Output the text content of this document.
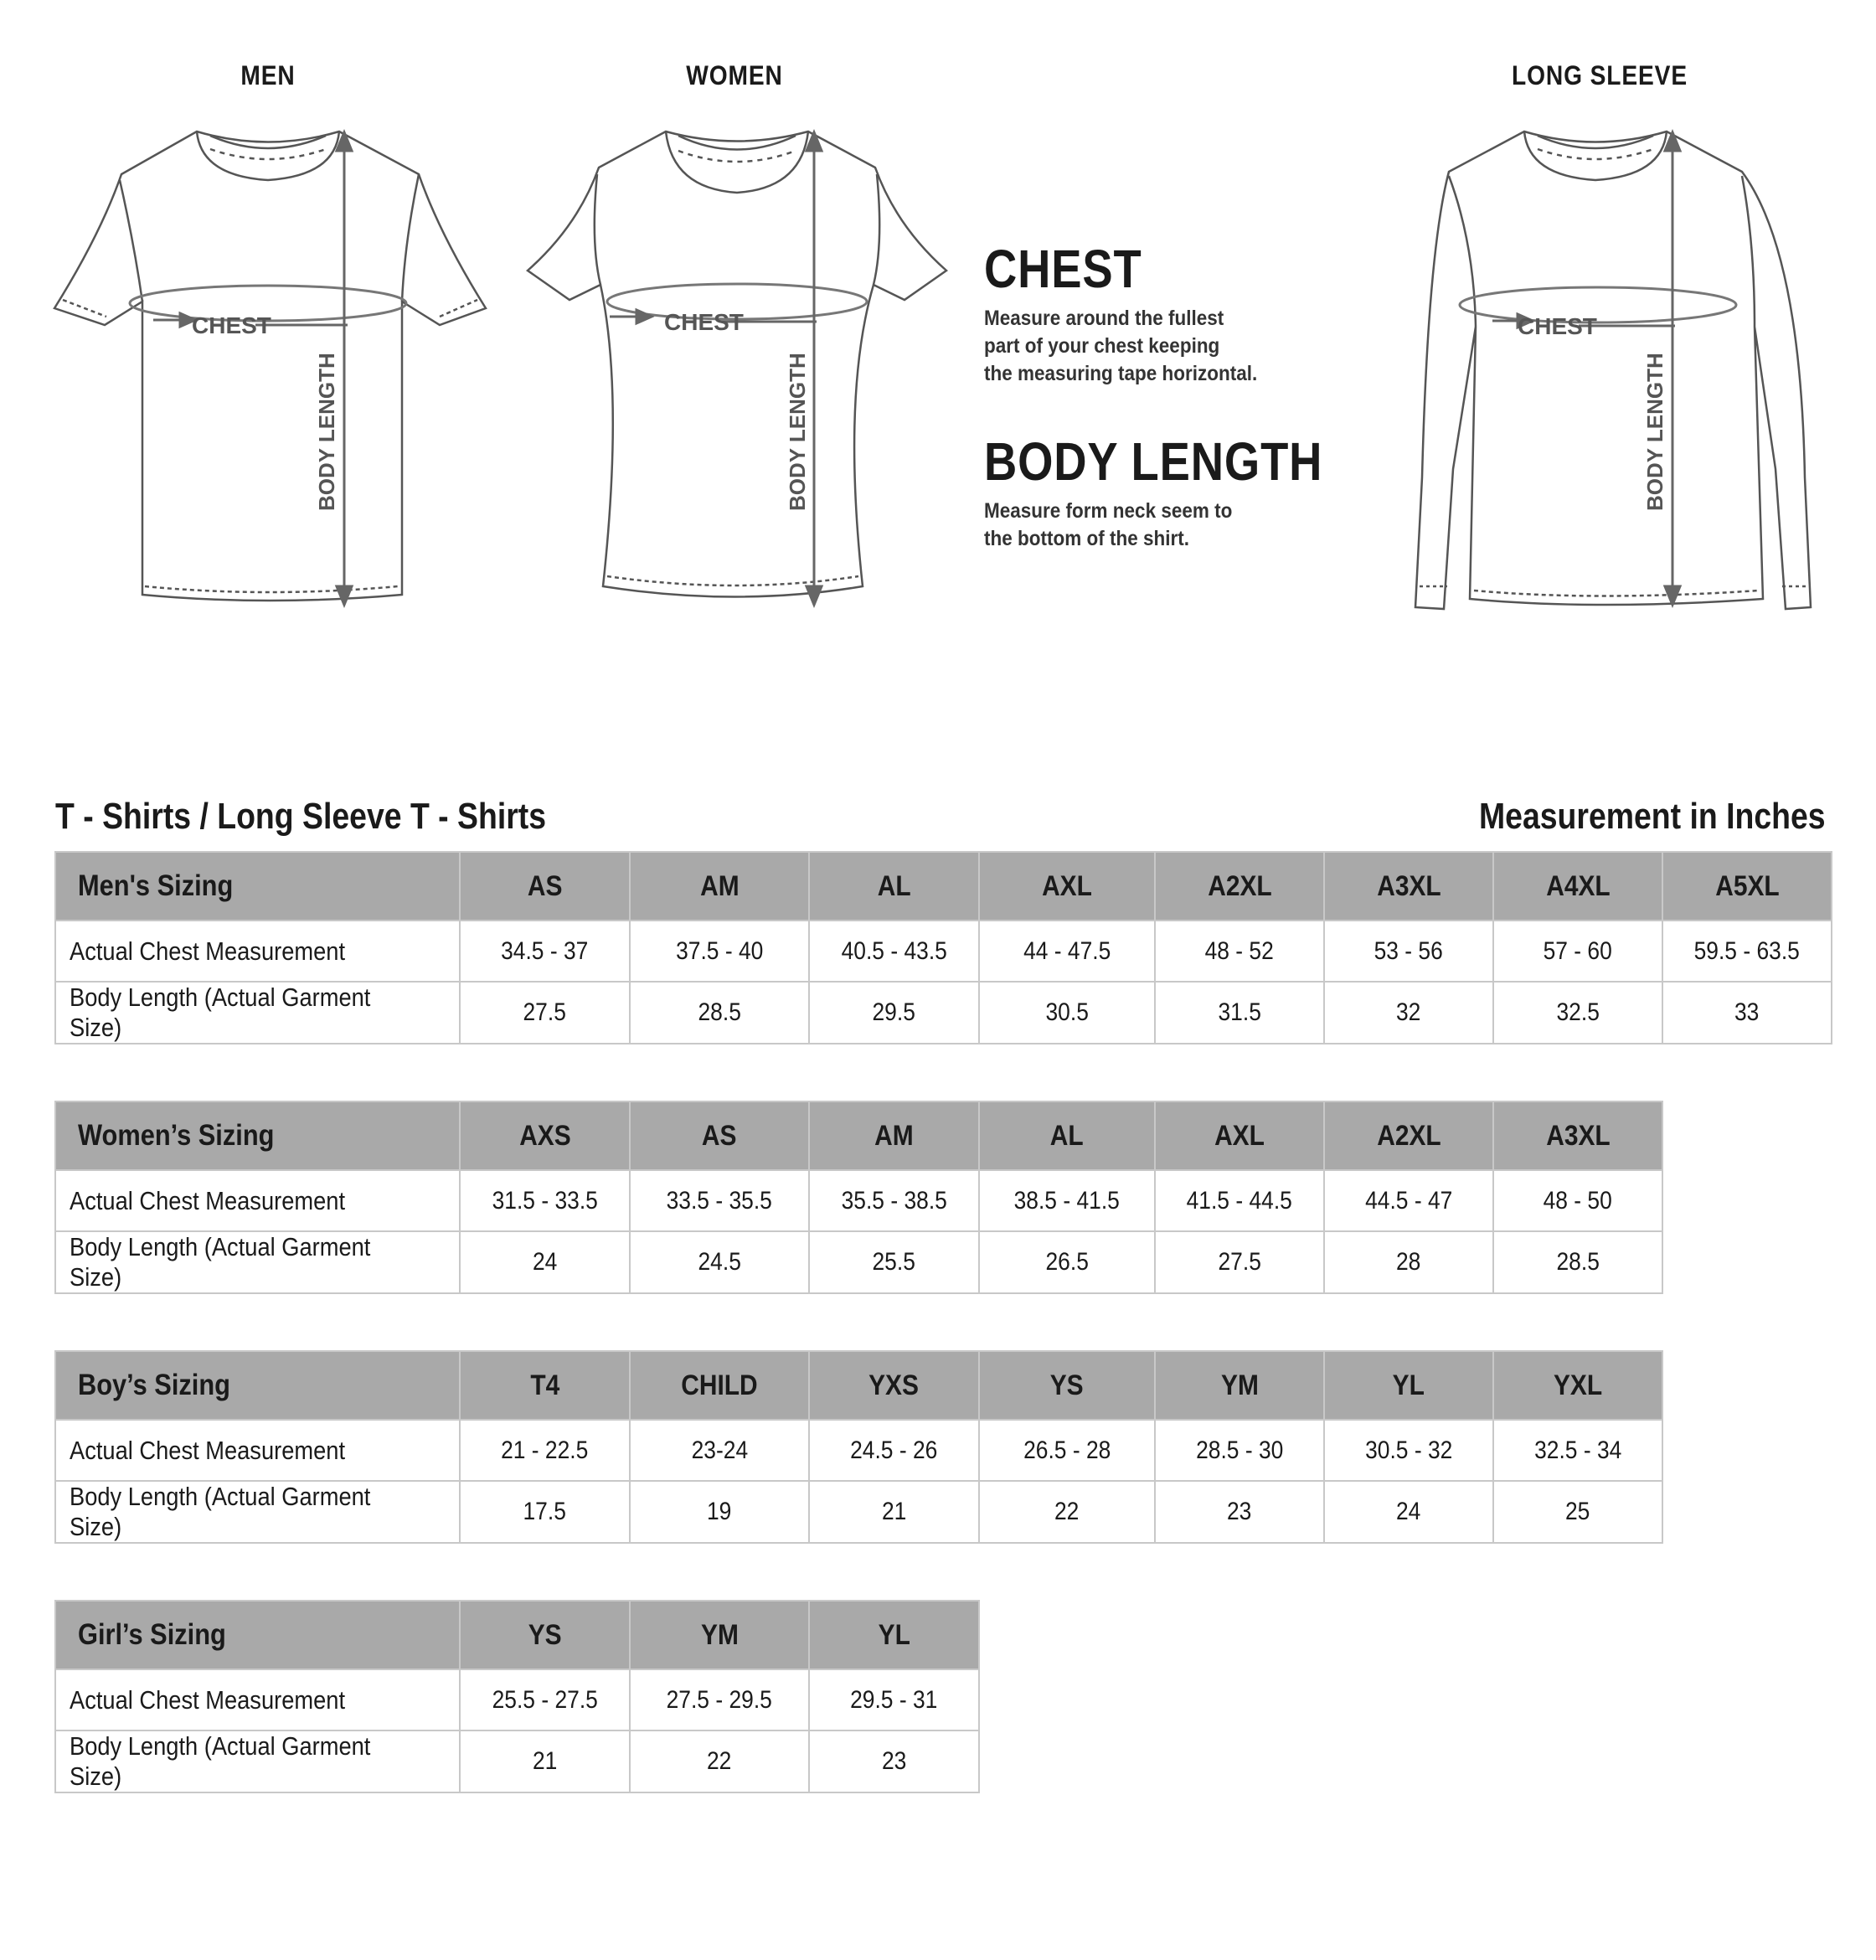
MEN	WOMEN	LONG SLEEVE
CHEST
BODY LENGTH
CHEST
BODY LENGTH
CHEST
BODY LENGTH
CHEST

Measure around the fullest

part of your chest keeping

the measuring tape horizontal.

BODY LENGTH

Measure form neck seem to

the bottom of the shirt.

T - Shirts / Long Sleeve T - Shirts	Measurement in Inches
Men's Sizing	AS	AM	AL	AXL	A2XL	A3XL	A4XL	A5XL
Actual Chest Measurement	34.5 - 37	37.5 - 40	40.5 - 43.5	44 - 47.5	48 - 52	53 - 56	57 - 60	59.5 - 63.5
Body Length (Actual Garment Size)	27.5	28.5	29.5	30.5	31.5	32	32.5	33
Women’s Sizing	AXS	AS	AM	AL	AXL	A2XL	A3XL
Actual Chest Measurement	31.5 - 33.5	33.5 - 35.5	35.5 - 38.5	38.5 - 41.5	41.5 - 44.5	44.5 - 47	48 - 50
Body Length (Actual Garment Size)	24	24.5	25.5	26.5	27.5	28	28.5
Boy’s Sizing	T4	CHILD	YXS	YS	YM	YL	YXL
Actual Chest Measurement	21 - 22.5	23-24	24.5 - 26	26.5 - 28	28.5 - 30	30.5 - 32	32.5 - 34
Body Length (Actual Garment Size)	17.5	19	21	22	23	24	25
Girl’s Sizing	YS	YM	YL
Actual Chest Measurement	25.5 - 27.5	27.5 - 29.5	29.5 - 31
Body Length (Actual Garment Size)	21	22	23
